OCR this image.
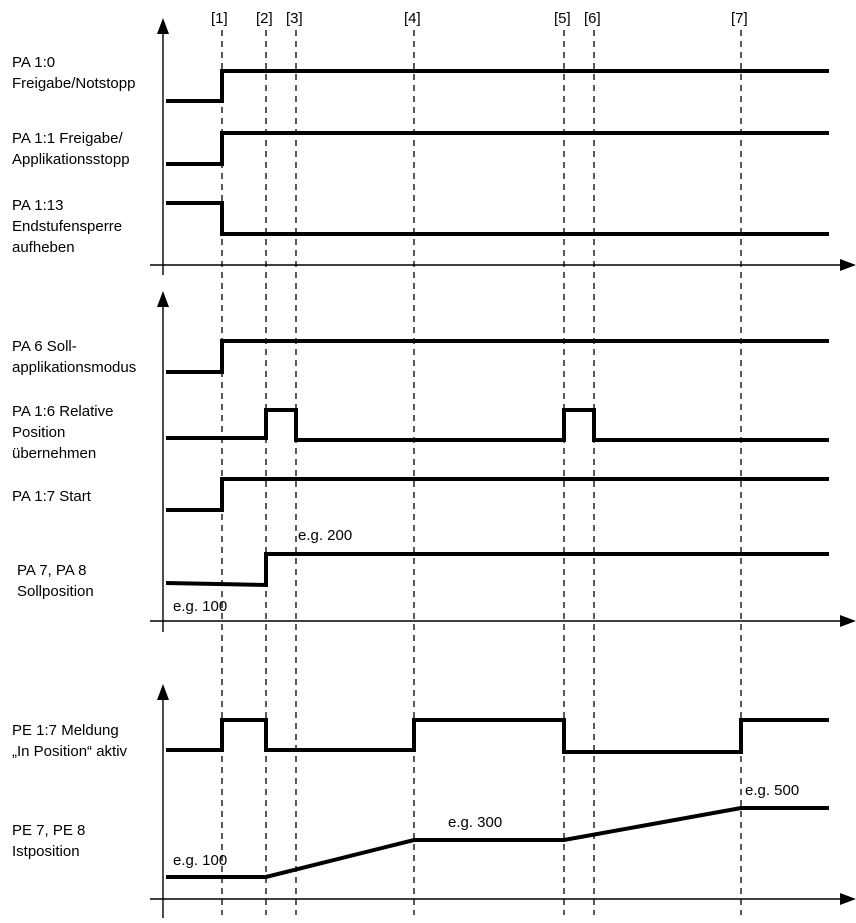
[1] [2] [3]	[4]	[5] [6]	[7]
PA 1:0
Freigabe/Notstopp
PA 1:1 Freigabe/
Applikationsstopp
PA 1:13
Endstufensperre
aufheben
PA 6 Soll-
applikationsmodus
PA 1:6 Relative
Position
übernehmen
PA 1:7 Start
PA 7, PA 8
Sollposition
PE 1:7 Meldung
„In Position“ aktiv
PE 7, PE 8
Istposition
e.g. 100
e.g. 200
e.g. 100
e.g. 300
e.g. 500
